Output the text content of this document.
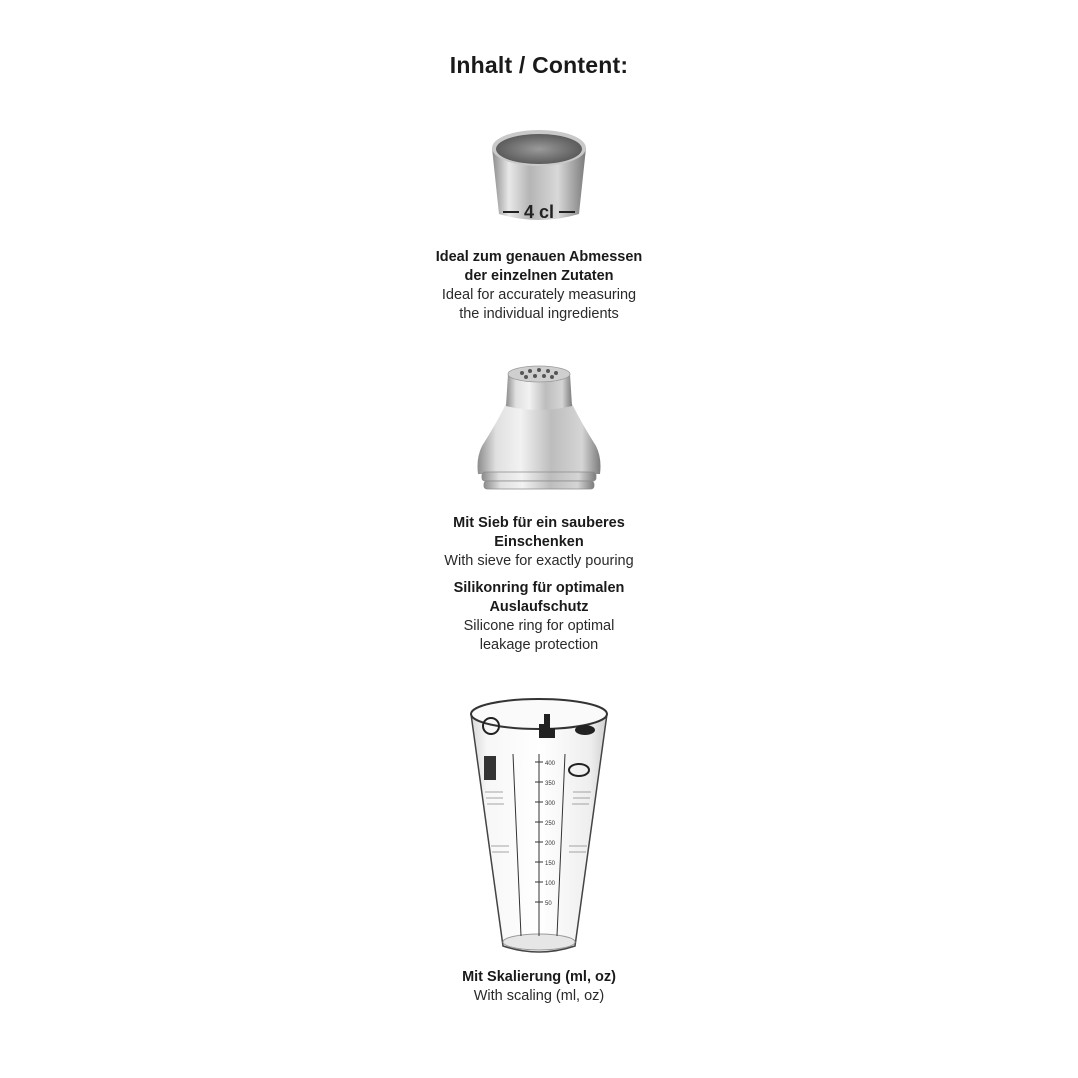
Inhalt / Content:
4 cl
Ideal zum genauen Abmessen
der einzelnen Zutaten
Ideal for accurately measuring
the individual ingredients
Mit Sieb für ein sauberes
Einschenken
With sieve for exactly pouring
Silikonring für optimalen
Auslaufschutz
Silicone ring for optimal
leakage protection
400
350
300
250
200
150
100
50
Mit Skalierung (ml, oz)
With scaling (ml, oz)
